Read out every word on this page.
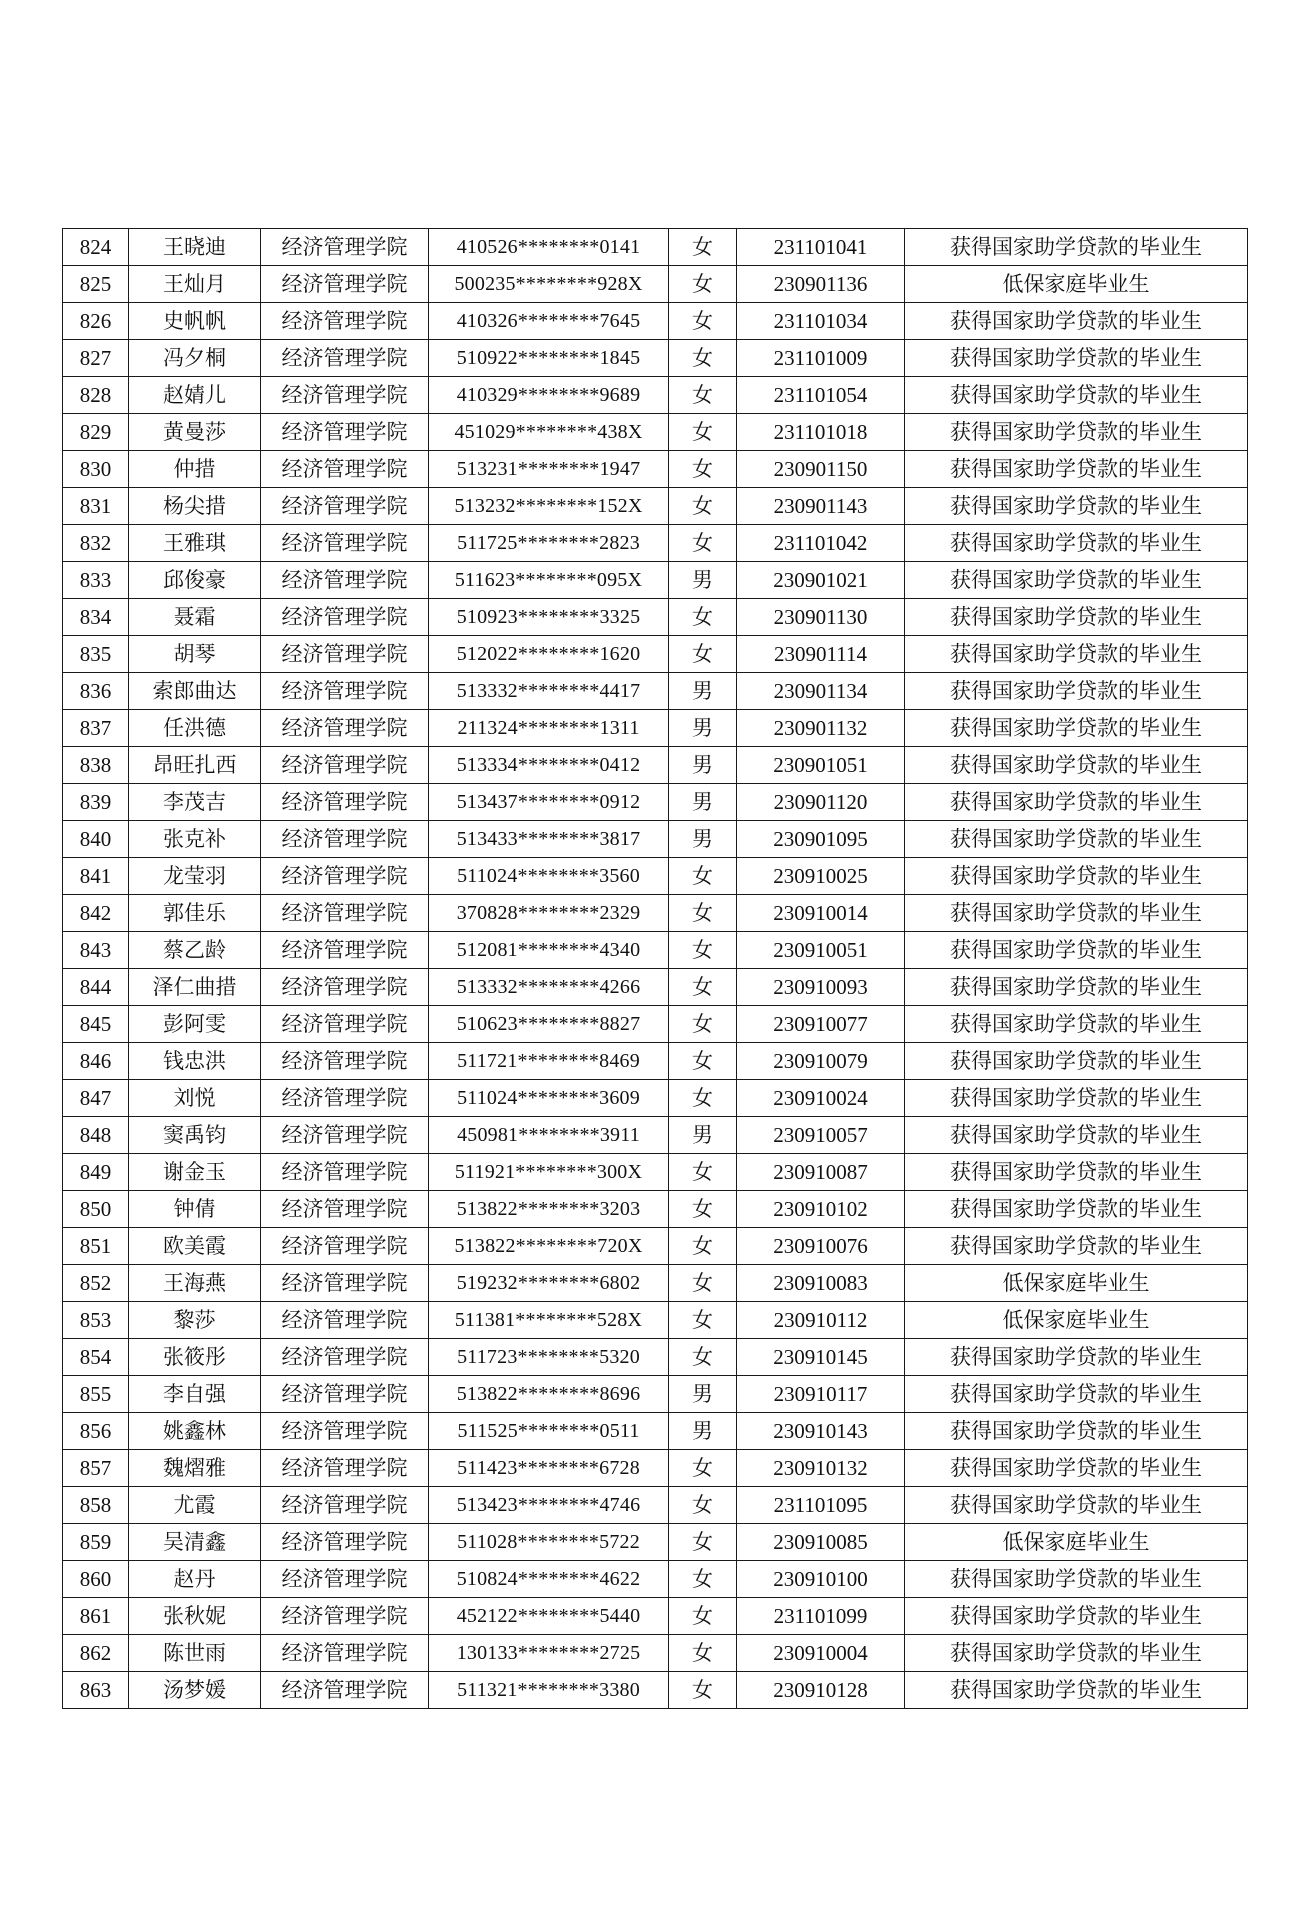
824	王晓迪	经济管理学院	410526********0141	女	231101041	获得国家助学贷款的毕业生
825	王灿月	经济管理学院	500235********928X	女	230901136	低保家庭毕业生
826	史帆帆	经济管理学院	410326********7645	女	231101034	获得国家助学贷款的毕业生
827	冯夕桐	经济管理学院	510922********1845	女	231101009	获得国家助学贷款的毕业生
828	赵婧儿	经济管理学院	410329********9689	女	231101054	获得国家助学贷款的毕业生
829	黄曼莎	经济管理学院	451029********438X	女	231101018	获得国家助学贷款的毕业生
830	仲措	经济管理学院	513231********1947	女	230901150	获得国家助学贷款的毕业生
831	杨尖措	经济管理学院	513232********152X	女	230901143	获得国家助学贷款的毕业生
832	王雅琪	经济管理学院	511725********2823	女	231101042	获得国家助学贷款的毕业生
833	邱俊豪	经济管理学院	511623********095X	男	230901021	获得国家助学贷款的毕业生
834	聂霜	经济管理学院	510923********3325	女	230901130	获得国家助学贷款的毕业生
835	胡琴	经济管理学院	512022********1620	女	230901114	获得国家助学贷款的毕业生
836	索郎曲达	经济管理学院	513332********4417	男	230901134	获得国家助学贷款的毕业生
837	任洪德	经济管理学院	211324********1311	男	230901132	获得国家助学贷款的毕业生
838	昂旺扎西	经济管理学院	513334********0412	男	230901051	获得国家助学贷款的毕业生
839	李茂吉	经济管理学院	513437********0912	男	230901120	获得国家助学贷款的毕业生
840	张克补	经济管理学院	513433********3817	男	230901095	获得国家助学贷款的毕业生
841	龙莹羽	经济管理学院	511024********3560	女	230910025	获得国家助学贷款的毕业生
842	郭佳乐	经济管理学院	370828********2329	女	230910014	获得国家助学贷款的毕业生
843	蔡乙龄	经济管理学院	512081********4340	女	230910051	获得国家助学贷款的毕业生
844	泽仁曲措	经济管理学院	513332********4266	女	230910093	获得国家助学贷款的毕业生
845	彭阿雯	经济管理学院	510623********8827	女	230910077	获得国家助学贷款的毕业生
846	钱忠洪	经济管理学院	511721********8469	女	230910079	获得国家助学贷款的毕业生
847	刘悦	经济管理学院	511024********3609	女	230910024	获得国家助学贷款的毕业生
848	窦禹钧	经济管理学院	450981********3911	男	230910057	获得国家助学贷款的毕业生
849	谢金玉	经济管理学院	511921********300X	女	230910087	获得国家助学贷款的毕业生
850	钟倩	经济管理学院	513822********3203	女	230910102	获得国家助学贷款的毕业生
851	欧美霞	经济管理学院	513822********720X	女	230910076	获得国家助学贷款的毕业生
852	王海燕	经济管理学院	519232********6802	女	230910083	低保家庭毕业生
853	黎莎	经济管理学院	511381********528X	女	230910112	低保家庭毕业生
854	张筱彤	经济管理学院	511723********5320	女	230910145	获得国家助学贷款的毕业生
855	李自强	经济管理学院	513822********8696	男	230910117	获得国家助学贷款的毕业生
856	姚鑫林	经济管理学院	511525********0511	男	230910143	获得国家助学贷款的毕业生
857	魏熠雅	经济管理学院	511423********6728	女	230910132	获得国家助学贷款的毕业生
858	尤霞	经济管理学院	513423********4746	女	231101095	获得国家助学贷款的毕业生
859	吴清鑫	经济管理学院	511028********5722	女	230910085	低保家庭毕业生
860	赵丹	经济管理学院	510824********4622	女	230910100	获得国家助学贷款的毕业生
861	张秋妮	经济管理学院	452122********5440	女	231101099	获得国家助学贷款的毕业生
862	陈世雨	经济管理学院	130133********2725	女	230910004	获得国家助学贷款的毕业生
863	汤梦媛	经济管理学院	511321********3380	女	230910128	获得国家助学贷款的毕业生
